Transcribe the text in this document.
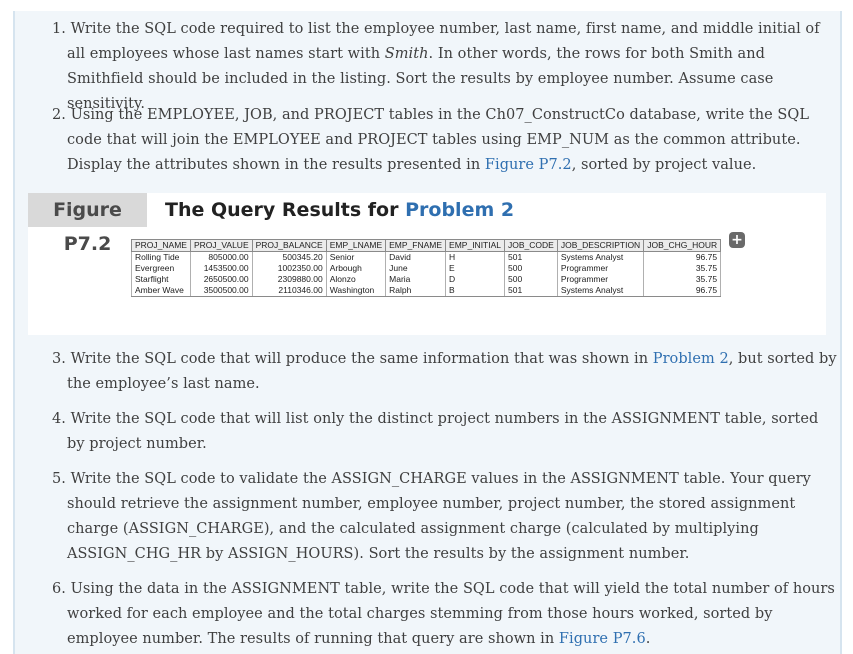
1. Write the SQL code required to list the employee number, last name, first name, and middle initial of all employees whose last names start with Smith. In other words, the rows for both Smith and Smithfield should be included in the listing. Sort the results by employee number. Assume case sensitivity.
2. Using the EMPLOYEE, JOB, and PROJECT tables in the Ch07_ConstructCo database, write the SQL code that will join the EMPLOYEE and PROJECT tables using EMP_NUM as the common attribute. Display the attributes shown in the results presented in Figure P7.2, sorted by project value.
Figure P7.2
The Query Results for Problem 2
PROJ_NAME	PROJ_VALUE	PROJ_BALANCE	EMP_LNAME	EMP_FNAME	EMP_INITIAL	JOB_CODE	JOB_DESCRIPTION	JOB_CHG_HOUR
Rolling Tide	805000.00	500345.20	Senior	David	H	501	Systems Analyst	96.75
Evergreen	1453500.00	1002350.00	Arbough	June	E	500	Programmer	35.75
Starflight	2650500.00	2309880.00	Alonzo	Maria	D	500	Programmer	35.75
Amber Wave	3500500.00	2110346.00	Washington	Ralph	B	501	Systems Analyst	96.75
+
3. Write the SQL code that will produce the same information that was shown in Problem 2, but sorted by the employee’s last name.
4. Write the SQL code that will list only the distinct project numbers in the ASSIGNMENT table, sorted by project number.
5. Write the SQL code to validate the ASSIGN_CHARGE values in the ASSIGNMENT table. Your query should retrieve the assignment number, employee number, project number, the stored assignment charge (ASSIGN_CHARGE), and the calculated assignment charge (calculated by multiplying ASSIGN_CHG_HR by ASSIGN_HOURS). Sort the results by the assignment number.
6. Using the data in the ASSIGNMENT table, write the SQL code that will yield the total number of hours worked for each employee and the total charges stemming from those hours worked, sorted by employee number. The results of running that query are shown in Figure P7.6.
